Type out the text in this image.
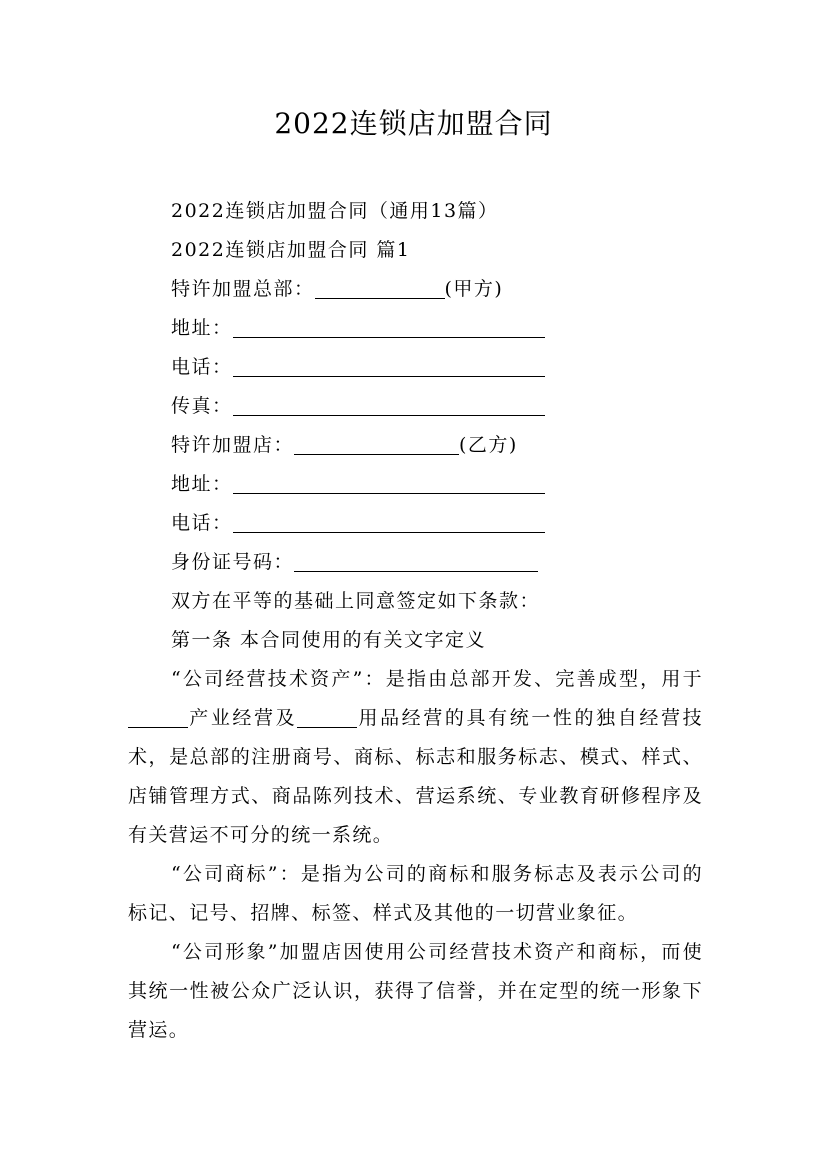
2022连锁店加盟合同
2022连锁店加盟合同（通用13篇）
2022连锁店加盟合同 篇1
特许加盟总部：	(甲方)
地址：
电话：
传真：
特许加盟店：	(乙方)
地址：
电话：
身份证号码：
双方在平等的基础上同意签定如下条款：
第一条 本合同使用的有关文字定义
“公司经营技术资产”：是指由总部开发、完善成型，用于产业经营及	用品经营的具有统一性的独自经营技术，是总部的注册商号、商标、标志和服务标志、模式、样式、店铺管理方式、商品陈列技术、营运系统、专业教育研修程序及有关营运不可分的统一系统。
“公司商标”：是指为公司的商标和服务标志及表示公司的标记、记号、招牌、标签、样式及其他的一切营业象征。
“公司形象”加盟店因使用公司经营技术资产和商标，而使其统一性被公众广泛认识，获得了信誉，并在定型的统一形象下营运。
